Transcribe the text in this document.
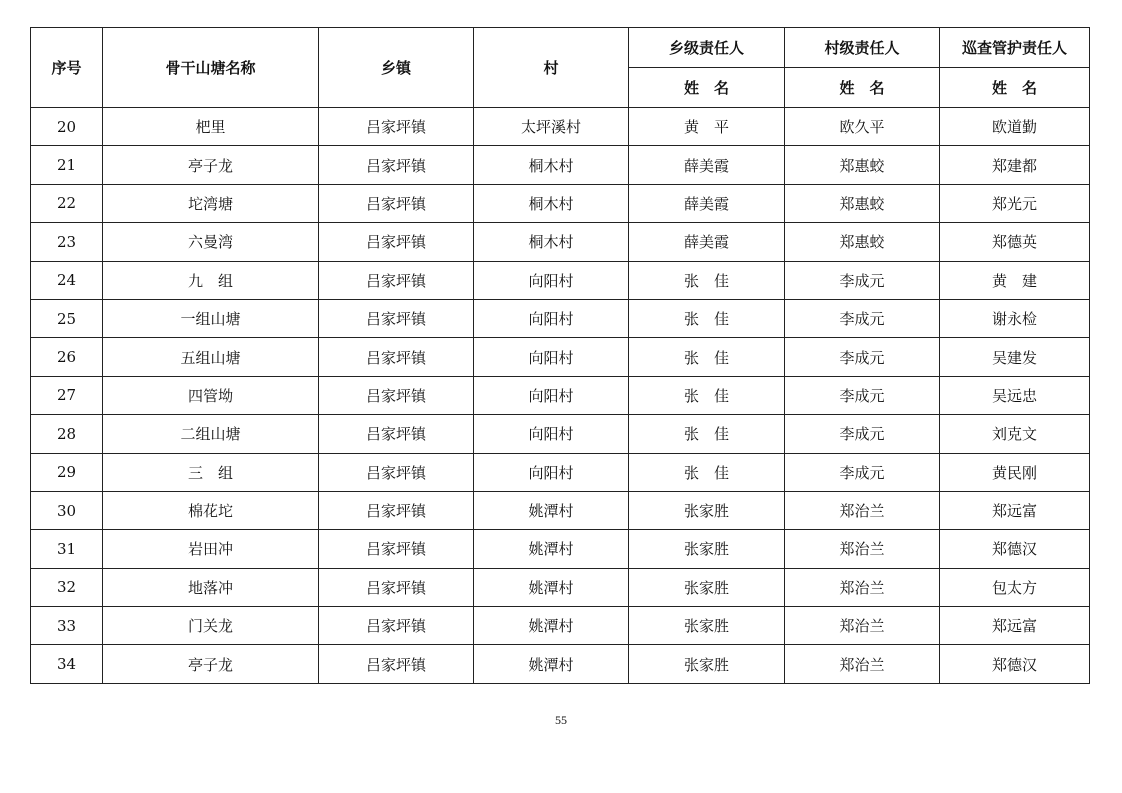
序号	骨干山塘名称	乡镇	村	乡级责任人	村级责任人	巡查管护责任人
				姓　名	姓　名	姓　名
20	杷里	吕家坪镇	太坪溪村	黄　平	欧久平	欧道勤
21	亭子龙	吕家坪镇	桐木村	薛美霞	郑惠蛟	郑建都
22	坨湾塘	吕家坪镇	桐木村	薛美霞	郑惠蛟	郑光元
23	六曼湾	吕家坪镇	桐木村	薛美霞	郑惠蛟	郑德英
24	九　组	吕家坪镇	向阳村	张　佳	李成元	黄　建
25	一组山塘	吕家坪镇	向阳村	张　佳	李成元	谢永检
26	五组山塘	吕家坪镇	向阳村	张　佳	李成元	吴建发
27	四管坳	吕家坪镇	向阳村	张　佳	李成元	吴远忠
28	二组山塘	吕家坪镇	向阳村	张　佳	李成元	刘克文
29	三　组	吕家坪镇	向阳村	张　佳	李成元	黄民刚
30	棉花坨	吕家坪镇	姚潭村	张家胜	郑治兰	郑远富
31	岩田冲	吕家坪镇	姚潭村	张家胜	郑治兰	郑德汉
32	地落冲	吕家坪镇	姚潭村	张家胜	郑治兰	包太方
33	门关龙	吕家坪镇	姚潭村	张家胜	郑治兰	郑远富
34	亭子龙	吕家坪镇	姚潭村	张家胜	郑治兰	郑德汉
55
